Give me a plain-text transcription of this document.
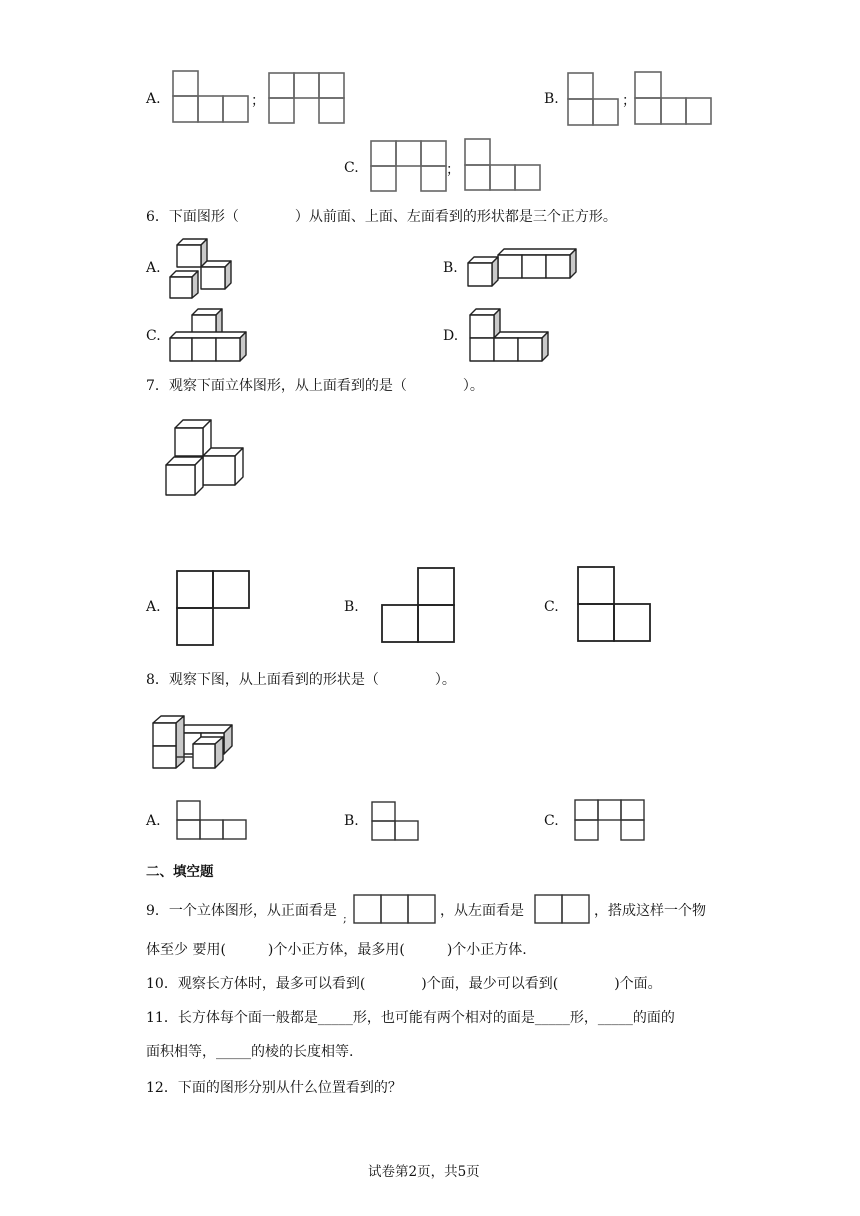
A.	；	B.	；
C.	；
6．下面图形（　　　　）从前面、上面、左面看到的形状都是三个正方形。
A.	B.
C.	D.
7．观察下面立体图形，从上面看到的是（　　　　）。
A.	B.	C.
8．观察下图，从上面看到的形状是（　　　　）。
A.	B.	C.
二、填空题
9．一个立体图形，从正面看是 ;	，从左面看是	，搭成这样一个物
体至少 要用(　　　)个小正方体，最多用(　　　)个小正方体.
10．观察长方体时，最多可以看到(　　　　)个面，最少可以看到(　　　　)个面。
11．长方体每个面一般都是_____形，也可能有两个相对的面是_____形，_____的面的
面积相等，_____的棱的长度相等.
12．下面的图形分别从什么位置看到的？
试卷第2页，共5页
